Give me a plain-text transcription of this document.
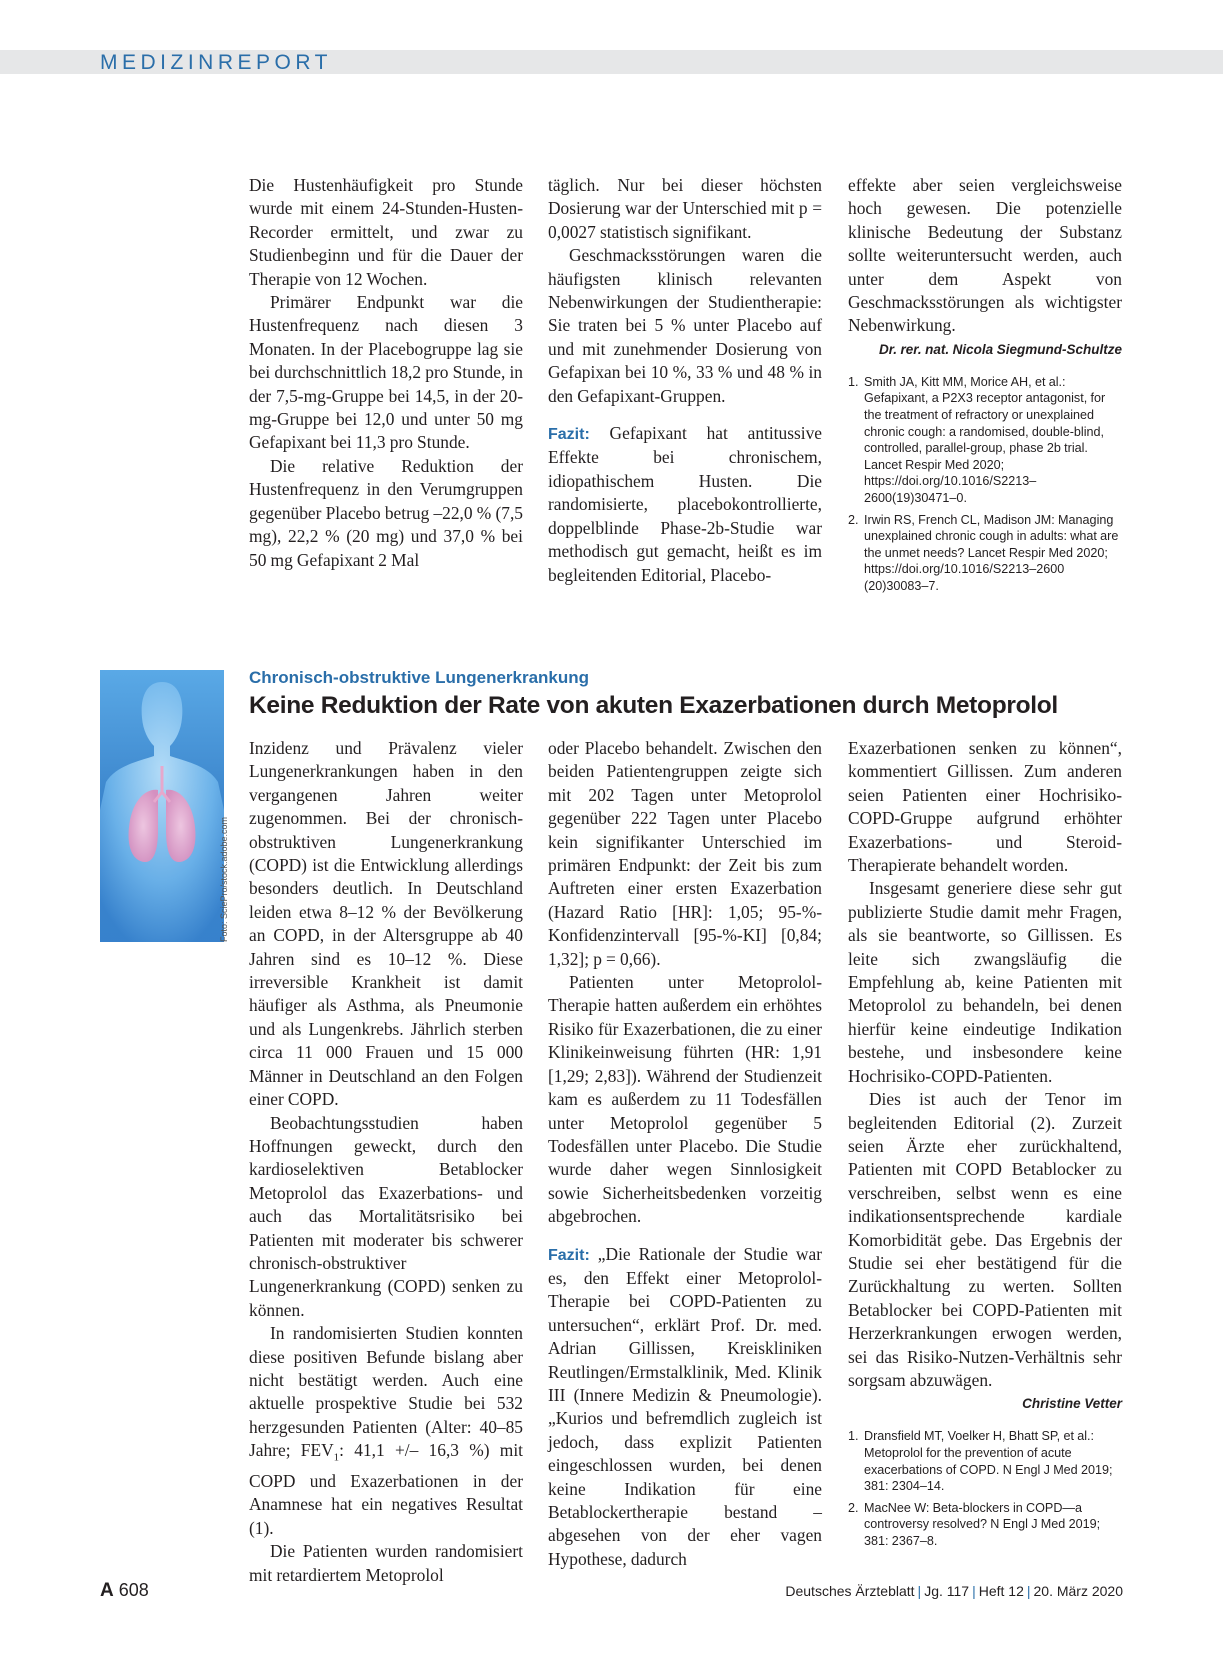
MEDIZINREPORT

Die Hustenhäufigkeit pro Stunde wurde mit einem 24-Stunden-Husten-Recorder ermittelt, und zwar zu Studienbeginn und für die Dauer der Therapie von 12 Wochen.

Primärer Endpunkt war die Hustenfrequenz nach diesen 3 Monaten. In der Placebogruppe lag sie bei durchschnittlich 18,2 pro Stunde, in der 7,5-mg-Gruppe bei 14,5, in der 20-mg-Gruppe bei 12,0 und unter 50 mg Gefapixant bei 11,3 pro Stunde.

Die relative Reduktion der Hustenfrequenz in den Verumgruppen gegenüber Placebo betrug –22,0 % (7,5 mg), 22,2 % (20 mg) und 37,0 % bei 50 mg Gefapixant 2 Mal

täglich. Nur bei dieser höchsten Dosierung war der Unterschied mit p = 0,0027 statistisch signifikant.

Geschmacksstörungen waren die häufigsten klinisch relevanten Nebenwirkungen der Studientherapie: Sie traten bei 5 % unter Placebo auf und mit zunehmender Dosierung von Gefapixan bei 10 %, 33 % und 48 % in den Gefapixant-Gruppen.

Fazit: Gefapixant hat antitussive Effekte bei chronischem, idiopathischem Husten. Die randomisierte, placebokontrollierte, doppelblinde Phase-2b-Studie war methodisch gut gemacht, heißt es im begleitenden Editorial, Placebo-

effekte aber seien vergleichsweise hoch gewesen. Die potenzielle klinische Bedeutung der Substanz sollte weiteruntersucht werden, auch unter dem Aspekt von Geschmacksstörungen als wichtigster Nebenwirkung.

Dr. rer. nat. Nicola Siegmund-Schultze
1. Smith JA, Kitt MM, Morice AH, et al.: Gefapixant, a P2X3 receptor antagonist, for the treatment of refractory or unexplained chronic cough: a randomised, double-blind, controlled, parallel-group, phase 2b trial. Lancet Respir Med 2020; https://doi.org/10.1016/S2213–2600(19)30471–0.
2. Irwin RS, French CL, Madison JM: Managing unexplained chronic cough in adults: what are the unmet needs? Lancet Respir Med 2020; https://doi.org/10.1016/S2213–2600 (20)30083–7.
Foto: SciePro/stock.adobe.com
Chronisch-obstruktive Lungenerkrankung
Keine Reduktion der Rate von akuten Exazerbationen durch Metoprolol

Inzidenz und Prävalenz vieler Lungenerkrankungen haben in den vergangenen Jahren weiter zugenommen. Bei der chronisch-obstruktiven Lungenerkrankung (COPD) ist die Entwicklung allerdings besonders deutlich. In Deutschland leiden etwa 8–12 % der Bevölkerung an COPD, in der Altersgruppe ab 40 Jahren sind es 10–12 %. Diese irreversible Krankheit ist damit häufiger als Asthma, als Pneumonie und als Lungenkrebs. Jährlich sterben circa 11 000 Frauen und 15 000 Männer in Deutschland an den Folgen einer COPD.

Beobachtungsstudien haben Hoffnungen geweckt, durch den kardioselektiven Betablocker Metoprolol das Exazerbations- und auch das Mortalitätsrisiko bei Patienten mit moderater bis schwerer chronisch-obstruktiver Lungenerkrankung (COPD) senken zu können.

In randomisierten Studien konnten diese positiven Befunde bislang aber nicht bestätigt werden. Auch eine aktuelle prospektive Studie bei 532 herzgesunden Patienten (Alter: 40–85 Jahre; $FEV_1$: 41,1 +/– 16,3 %) mit COPD und Exazerbationen in der Anamnese hat ein negatives Resultat (1).

Die Patienten wurden randomisiert mit retardiertem Metoprolol

oder Placebo behandelt. Zwischen den beiden Patientengruppen zeigte sich mit 202 Tagen unter Metoprolol gegenüber 222 Tagen unter Placebo kein signifikanter Unterschied im primären Endpunkt: der Zeit bis zum Auftreten einer ersten Exazerbation (Hazard Ratio [HR]: 1,05; 95-%-Konfidenzintervall [95-%-KI] [0,84; 1,32]; p = 0,66).

Patienten unter Metoprolol-Therapie hatten außerdem ein erhöhtes Risiko für Exazerbationen, die zu einer Klinikeinweisung führten (HR: 1,91 [1,29; 2,83]). Während der Studienzeit kam es außerdem zu 11 Todesfällen unter Metoprolol gegenüber 5 Todesfällen unter Placebo. Die Studie wurde daher wegen Sinnlosigkeit sowie Sicherheitsbedenken vorzeitig abgebrochen.

Fazit: „Die Rationale der Studie war es, den Effekt einer Metoprolol-Therapie bei COPD-Patienten zu untersuchen“, erklärt Prof. Dr. med. Adrian Gillissen, Kreiskliniken Reutlingen/Ermstalklinik, Med. Klinik III (Innere Medizin & Pneumologie). „Kurios und befremdlich zugleich ist jedoch, dass explizit Patienten eingeschlossen wurden, bei denen keine Indikation für eine Betablockertherapie bestand – abgesehen von der eher vagen Hypothese, dadurch

Exazerbationen senken zu können“, kommentiert Gillissen. Zum anderen seien Patienten einer Hochrisiko-COPD-Gruppe aufgrund erhöhter Exazerbations- und Steroid-Therapierate behandelt worden.

Insgesamt generiere diese sehr gut publizierte Studie damit mehr Fragen, als sie beantworte, so Gillissen. Es leite sich zwangsläufig die Empfehlung ab, keine Patienten mit Metoprolol zu behandeln, bei denen hierfür keine eindeutige Indikation bestehe, und insbesondere keine Hochrisiko-COPD-Patienten.

Dies ist auch der Tenor im begleitenden Editorial (2). Zurzeit seien Ärzte eher zurückhaltend, Patienten mit COPD Betablocker zu verschreiben, selbst wenn es eine indikationsentsprechende kardiale Komorbidität gebe. Das Ergebnis der Studie sei eher bestätigend für die Zurückhaltung zu werten. Sollten Betablocker bei COPD-Patienten mit Herzerkrankungen erwogen werden, sei das Risiko-Nutzen-Verhältnis sehr sorgsam abzuwägen.

Christine Vetter
1. Dransfield MT, Voelker H, Bhatt SP, et al.: Metoprolol for the prevention of acute exacerbations of COPD. N Engl J Med 2019; 381: 2304–14.
2. MacNee W: Beta-blockers in COPD—a controversy resolved? N Engl J Med 2019; 381: 2367–8.
A 608	Deutsches Ärzteblatt | Jg. 117 | Heft 12 | 20. März 2020
